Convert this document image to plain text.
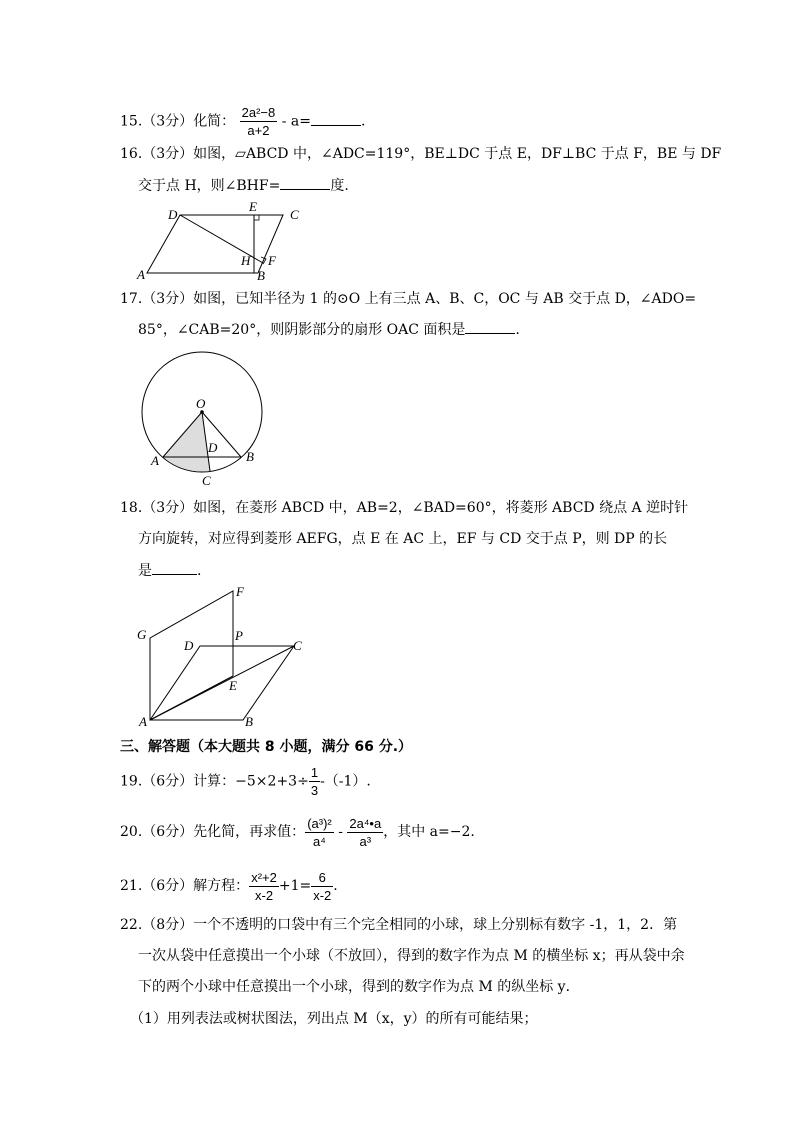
15.（3分）化简： $\frac{\text{2a²−8}}{a+2} - a=$	.
16.（3分）如图，▱ABCD 中，∠ADC=119°，BE⊥DC 于点 E，DF⊥BC 于点 F，BE 与 DF
交于点 H，则∠BHF=	度.
D
E
C
A
H F
B
17.（3分）如图，已知半径为 1 的⊙O 上有三点 A、B、C，OC 与 AB 交于点 D，∠ADO=
85°，∠CAB=20°，则阴影部分的扇形 OAC 面积是	.
O
D
A	B
C
18.（3分）如图，在菱形 ABCD 中，AB=2，∠BAD=60°，将菱形 ABCD 绕点 A 逆时针
方向旋转，对应得到菱形 AEFG，点 E 在 AC 上，EF 与 CD 交于点 P，则 DP 的长
是	.
F
G	P
D	C
E
A	B
三、解答题（本大题共 8 小题，满分 66 分.）
19.（6分）计算：$-5\times 2+3\div \frac{1}{3} -(-1)$.
20.（6分）先化简，再求值： $\frac{\text{(a³)²}}{\text{a⁴}} - \frac{\text{2a⁴•a}}{\text{a³}}$ ，其中 a=−2.
21.（6分）解方程： $\frac{\text{x²+2}}{x-2} +1= \frac{6}{x-2}$ .
22.（8分）一个不透明的口袋中有三个完全相同的小球，球上分别标有数字 -1，1，2．第
一次从袋中任意摸出一个小球（不放回），得到的数字作为点 M 的横坐标 x；再从袋中余
下的两个小球中任意摸出一个小球，得到的数字作为点 M 的纵坐标 y．
（1）用列表法或树状图法，列出点 M（x，y）的所有可能结果；
